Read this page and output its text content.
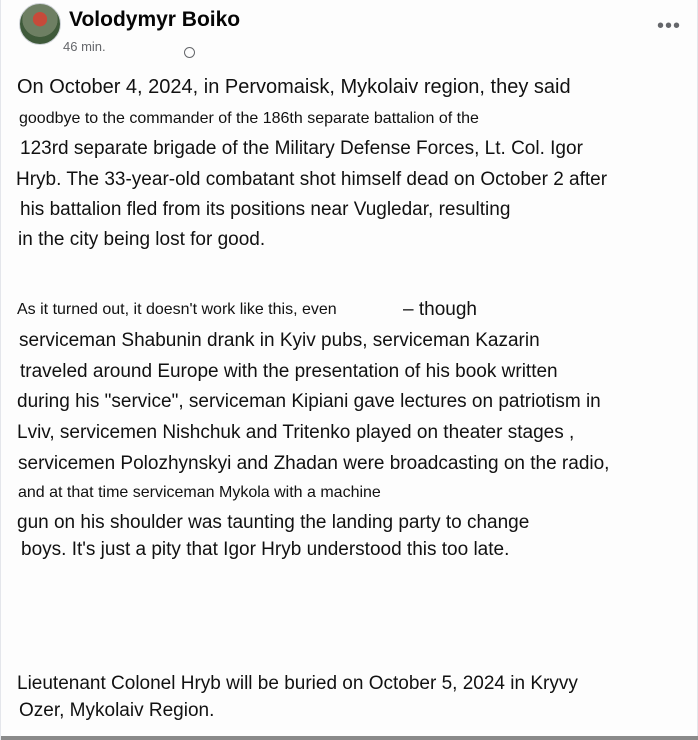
Volodymyr Boiko
46 min.
•••
On October 4, 2024, in Pervomaisk, Mykolaiv region, they said
goodbye to the commander of the 186th separate battalion of the
123rd separate brigade of the Military Defense Forces, Lt. Col. Igor
Hryb. The 33-year-old combatant shot himself dead on October 2 after
his battalion fled from its positions near Vugledar, resulting
in the city being lost for good.
As it turned out, it doesn't work like this, even	– though
serviceman Shabunin drank in Kyiv pubs, serviceman Kazarin
traveled around Europe with the presentation of his book written
during his "service", serviceman Kipiani gave lectures on patriotism in
Lviv, servicemen Nishchuk and Tritenko played on theater stages ,
servicemen Polozhynskyi and Zhadan were broadcasting on the radio,
and at that time serviceman Mykola with a machine
gun on his shoulder was taunting the landing party to change
boys. It's just a pity that Igor Hryb understood this too late.
Lieutenant Colonel Hryb will be buried on October 5, 2024 in Kryvy
Ozer, Mykolaiv Region.
